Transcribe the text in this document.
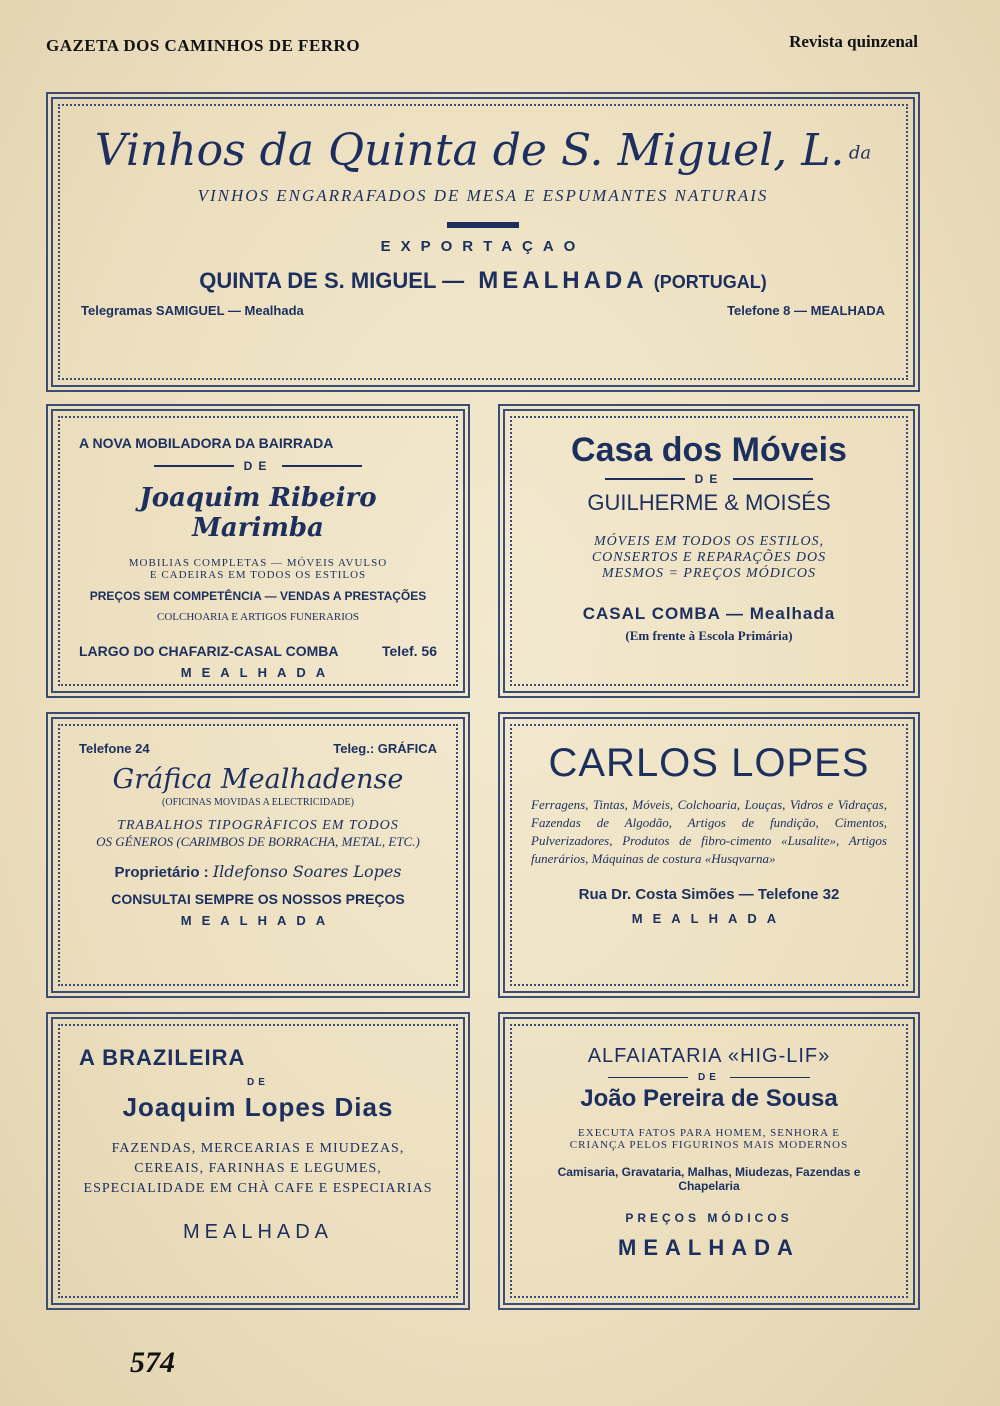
GAZETA DOS CAMINHOS DE FERRO	Revista quinzenal
Vinhos da Quinta de S. Miguel, L. $^{da}$
VINHOS ENGARRAFADOS DE MESA E ESPUMANTES NATURAIS
EXPORTAÇAO
QUINTA DE S. MIGUEL — MEALHADA (PORTUGAL)
Telegramas SAMIGUEL — Mealhada	Telefone 8 — MEALHADA
A NOVA MOBILADORA DA BAIRRADA
DE
Joaquim Ribeiro Marimba
MOBILIAS COMPLETAS — MÓVEIS AVULSO
E CADEIRAS EM TODOS OS ESTILOS
PREÇOS SEM COMPETÊNCIA — VENDAS A PRESTAÇÕES
COLCHOARIA E ARTIGOS FUNERARIOS
LARGO DO CHAFARIZ-CASAL COMBA	Telef. 56
MEALHADA
Casa dos Móveis
DE
GUILHERME & MOISÉS
MÓVEIS EM TODOS OS ESTILOS,
CONSERTOS E REPARAÇÕES DOS
MESMOS = PREÇOS MÓDICOS
CASAL COMBA — Mealhada
(Em frente à Escola Primária)
Telefone 24	Teleg.: GRÁFICA
Gráfica Mealhadense
(OFICINAS MOVIDAS A ELECTRICIDADE)
TRABALHOS TIPOGRÀFICOS EM TODOS
OS GÉNEROS (CARIMBOS DE BORRACHA, METAL, ETC.)
Proprietário : Ildefonso Soares Lopes
CONSULTAI SEMPRE OS NOSSOS PREÇOS
MEALHADA
CARLOS LOPES
Ferragens, Tintas, Móveis, Colchoaria, Louças, Vidros e Vidraças, Fazendas de Algodão, Artigos de fundição, Cimentos, Pulverizadores, Produtos de fibro-cimento «Lusalite», Artigos funerários, Máquinas de costura «Husqvarna»
Rua Dr. Costa Simões — Telefone 32
MEALHADA
A BRAZILEIRA
DE
Joaquim Lopes Dias
FAZENDAS, MERCEARIAS E MIUDEZAS, CEREAIS, FARINHAS E LEGUMES, ESPECIALIDADE EM CHÀ CAFE E ESPECIARIAS
MEALHADA
ALFAIATARIA «HIG-LIF»
DE
João Pereira de Sousa
EXECUTA FATOS PARA HOMEM, SENHORA E
CRIANÇA PELOS FIGURINOS MAIS MODERNOS
Camisaria, Gravataria, Malhas, Miudezas, Fazendas e Chapelaria
PREÇOS MÓDICOS
MEALHADA
574
